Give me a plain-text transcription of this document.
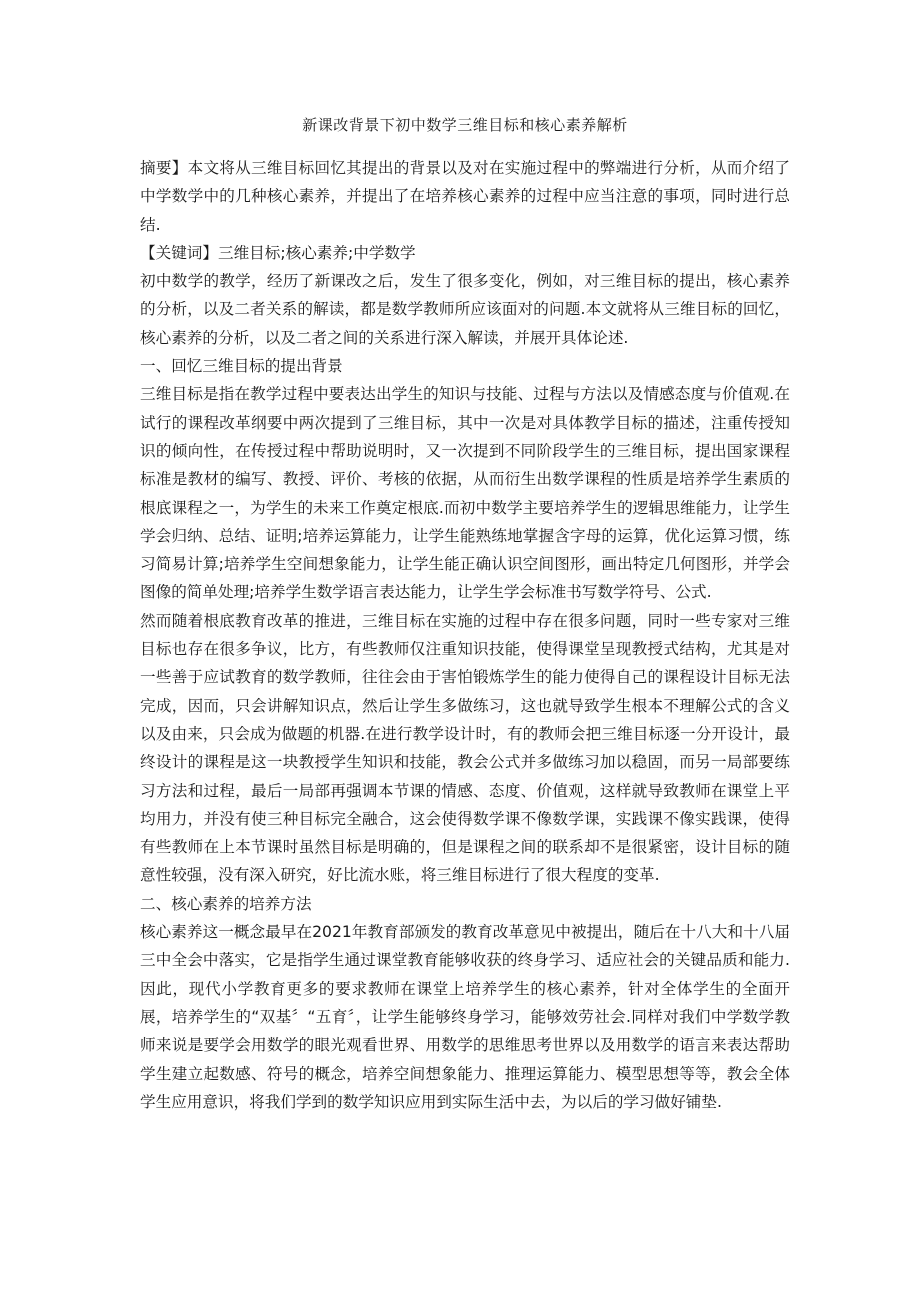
新课改背景下初中数学三维目标和核心素养解析

摘要】本文将从三维目标回忆其提出的背景以及对在实施过程中的弊端进行分析，从而介绍了中学数学中的几种核心素养，并提出了在培养核心素养的过程中应当注意的事项，同时进行总结.

【关键词】三维目标;核心素养;中学数学

初中数学的教学，经历了新课改之后，发生了很多变化，例如，对三维目标的提出，核心素养的分析，以及二者关系的解读，都是数学教师所应该面对的问题.本文就将从三维目标的回忆，核心素养的分析，以及二者之间的关系进行深入解读，并展开具体论述.

一、回忆三维目标的提出背景

三维目标是指在教学过程中要表达出学生的知识与技能、过程与方法以及情感态度与价值观.在试行的课程改革纲要中两次提到了三维目标，其中一次是对具体教学目标的描述，注重传授知识的倾向性，在传授过程中帮助说明时，又一次提到不同阶段学生的三维目标，提出国家课程标准是教材的编写、教授、评价、考核的依据，从而衍生出数学课程的性质是培养学生素质的根底课程之一，为学生的未来工作奠定根底.而初中数学主要培养学生的逻辑思维能力，让学生学会归纳、总结、证明;培养运算能力，让学生能熟练地掌握含字母的运算，优化运算习惯，练习简易计算;培养学生空间想象能力，让学生能正确认识空间图形，画出特定几何图形，并学会图像的简单处理;培养学生数学语言表达能力，让学生学会标准书写数学符号、公式.

然而随着根底教育改革的推进，三维目标在实施的过程中存在很多问题，同时一些专家对三维目标也存在很多争议，比方，有些教师仅注重知识技能，使得课堂呈现教授式结构，尤其是对一些善于应试教育的数学教师，往往会由于害怕锻炼学生的能力使得自己的课程设计目标无法完成，因而，只会讲解知识点，然后让学生多做练习，这也就导致学生根本不理解公式的含义以及由来，只会成为做题的机器.在进行教学设计时，有的教师会把三维目标逐一分开设计，最终设计的课程是这一块教授学生知识和技能，教会公式并多做练习加以稳固，而另一局部要练习方法和过程，最后一局部再强调本节课的情感、态度、价值观，这样就导致教师在课堂上平均用力，并没有使三种目标完全融合，这会使得数学课不像数学课，实践课不像实践课，使得有些教师在上本节课时虽然目标是明确的，但是课程之间的联系却不是很紧密，设计目标的随意性较强，没有深入研究，好比流水账，将三维目标进行了很大程度的变革.

二、核心素养的培养方法

核心素养这一概念最早在2021年教育部颁发的教育改革意见中被提出，随后在十八大和十八届三中全会中落实，它是指学生通过课堂教育能够收获的终身学习、适应社会的关键品质和能力.因此，现代小学教育更多的要求教师在课堂上培养学生的核心素养，针对全体学生的全面开展，培养学生的“双基〞“五育〞，让学生能够终身学习，能够效劳社会.同样对我们中学数学教师来说是要学会用数学的眼光观看世界、用数学的思维思考世界以及用数学的语言来表达帮助学生建立起数感、符号的概念，培养空间想象能力、推理运算能力、模型思想等等，教会全体学生应用意识，将我们学到的数学知识应用到实际生活中去，为以后的学习做好铺垫.
